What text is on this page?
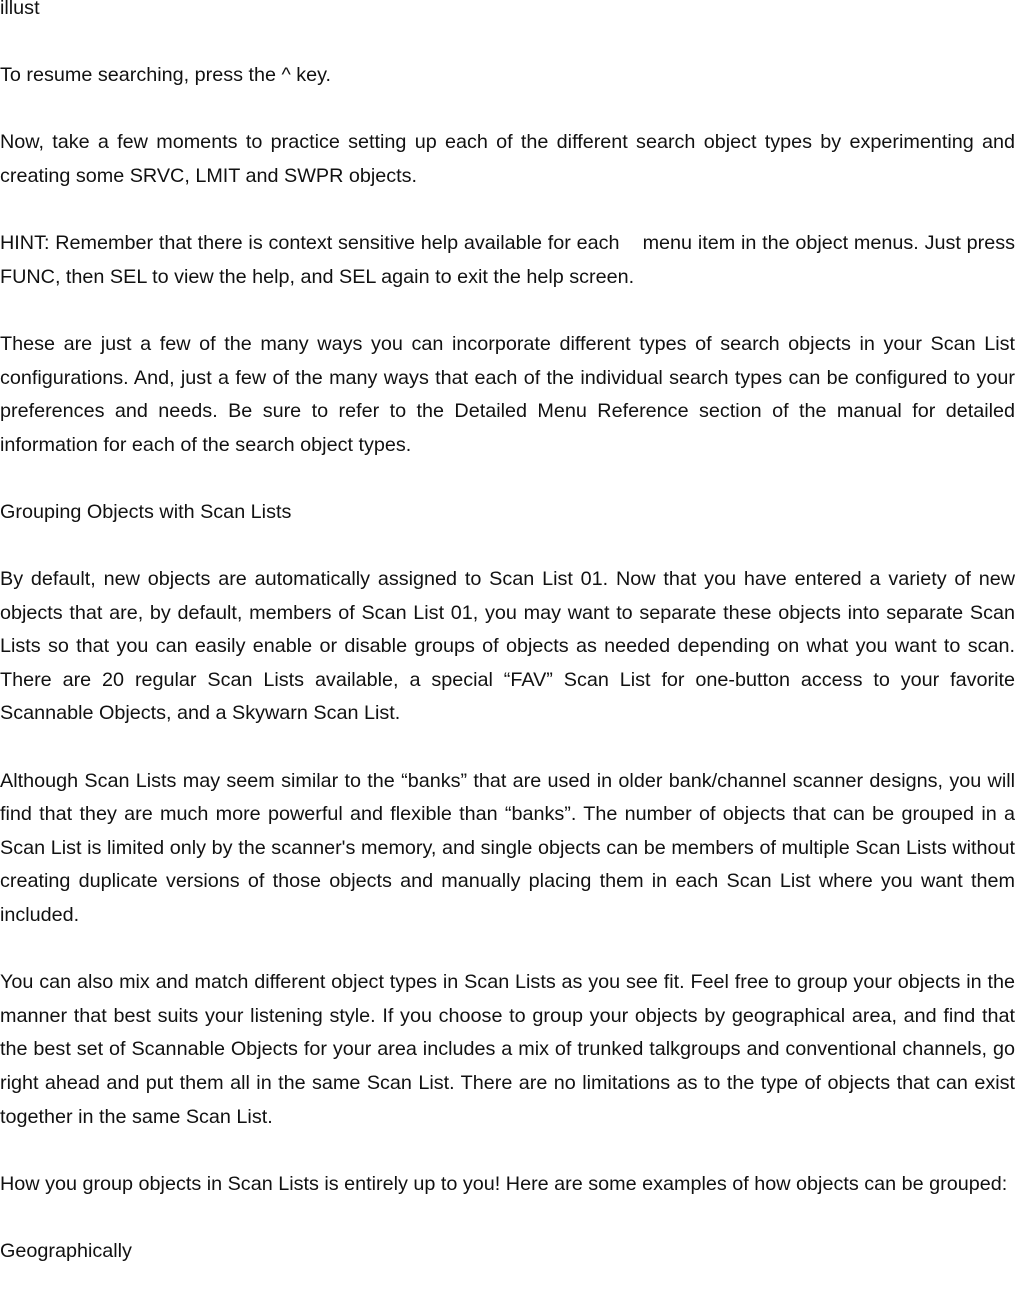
illust

To resume searching, press the ^ key.

Now, take a few moments to practice setting up each of the different search object types by experimenting and creating some SRVC, LMIT and SWPR objects.

HINT: Remember that there is context sensitive help available for each    menu item in the object menus. Just press FUNC, then SEL to view the help, and SEL again to exit the help screen.

These are just a few of the many ways you can incorporate different types of search objects in your Scan List configurations. And, just a few of the many ways that each of the individual search types can be configured to your preferences and needs. Be sure to refer to the Detailed Menu Reference section of the manual for detailed information for each of the search object types.

Grouping Objects with Scan Lists

By default, new objects are automatically assigned to Scan List 01. Now that you have entered a variety of new objects that are, by default, members of Scan List 01, you may want to separate these objects into separate Scan Lists so that you can easily enable or disable groups of objects as needed depending on what you want to scan. There are 20 regular Scan Lists available, a special “FAV” Scan List for one-button access to your favorite Scannable Objects, and a Skywarn Scan List.

Although Scan Lists may seem similar to the “banks” that are used in older bank/channel scanner designs, you will find that they are much more powerful and flexible than “banks”. The number of objects that can be grouped in a Scan List is limited only by the scanner's memory, and single objects can be members of multiple Scan Lists without creating duplicate versions of those objects and manually placing them in each Scan List where you want them included.

You can also mix and match different object types in Scan Lists as you see fit. Feel free to group your objects in the manner that best suits your listening style. If you choose to group your objects by geographical area, and find that the best set of Scannable Objects for your area includes a mix of trunked talkgroups and conventional channels, go right ahead and put them all in the same Scan List. There are no limitations as to the type of objects that can exist together in the same Scan List.

How you group objects in Scan Lists is entirely up to you! Here are some examples of how objects can be grouped:

Geographically
